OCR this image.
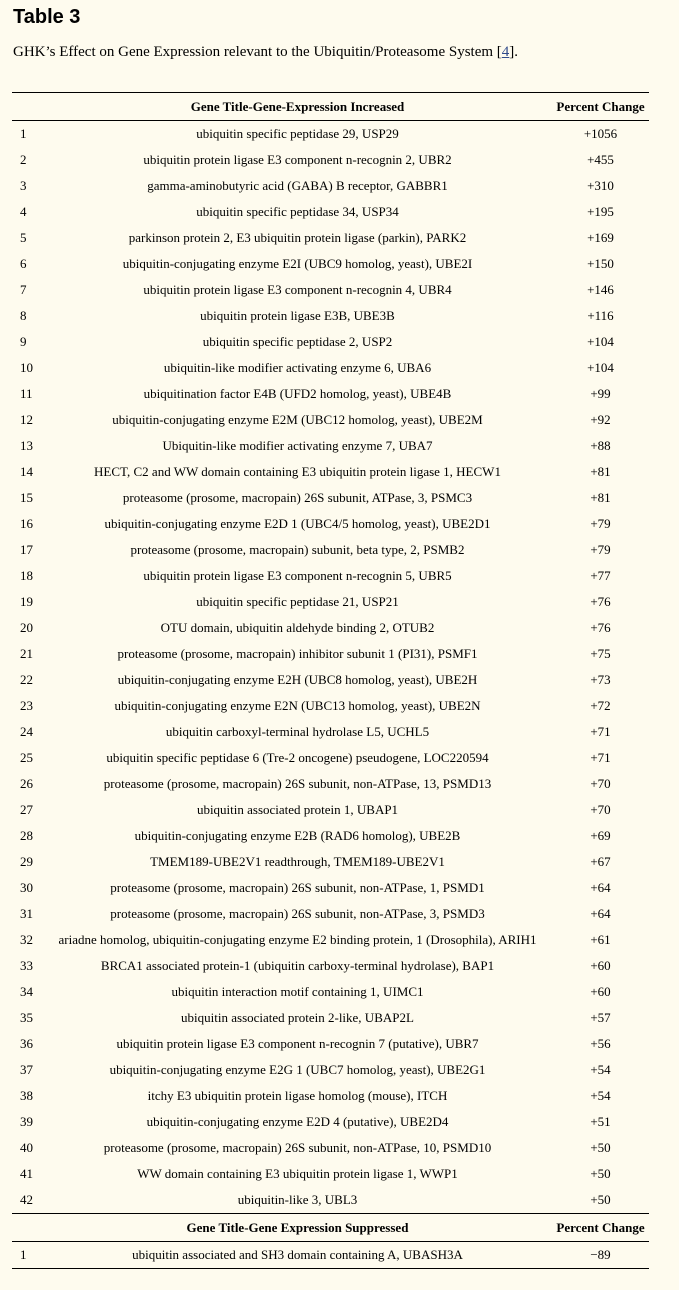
Table 3

GHK’s Effect on Gene Expression relevant to the Ubiquitin/Proteasome System [4].

	Gene Title-Gene-Expression Increased	Percent Change
1	ubiquitin specific peptidase 29, USP29	+1056
2	ubiquitin protein ligase E3 component n-recognin 2, UBR2	+455
3	gamma-aminobutyric acid (GABA) B receptor, GABBR1	+310
4	ubiquitin specific peptidase 34, USP34	+195
5	parkinson protein 2, E3 ubiquitin protein ligase (parkin), PARK2	+169
6	ubiquitin-conjugating enzyme E2I (UBC9 homolog, yeast), UBE2I	+150
7	ubiquitin protein ligase E3 component n-recognin 4, UBR4	+146
8	ubiquitin protein ligase E3B, UBE3B	+116
9	ubiquitin specific peptidase 2, USP2	+104
10	ubiquitin-like modifier activating enzyme 6, UBA6	+104
11	ubiquitination factor E4B (UFD2 homolog, yeast), UBE4B	+99
12	ubiquitin-conjugating enzyme E2M (UBC12 homolog, yeast), UBE2M	+92
13	Ubiquitin-like modifier activating enzyme 7, UBA7	+88
14	HECT, C2 and WW domain containing E3 ubiquitin protein ligase 1, HECW1	+81
15	proteasome (prosome, macropain) 26S subunit, ATPase, 3, PSMC3	+81
16	ubiquitin-conjugating enzyme E2D 1 (UBC4/5 homolog, yeast), UBE2D1	+79
17	proteasome (prosome, macropain) subunit, beta type, 2, PSMB2	+79
18	ubiquitin protein ligase E3 component n-recognin 5, UBR5	+77
19	ubiquitin specific peptidase 21, USP21	+76
20	OTU domain, ubiquitin aldehyde binding 2, OTUB2	+76
21	proteasome (prosome, macropain) inhibitor subunit 1 (PI31), PSMF1	+75
22	ubiquitin-conjugating enzyme E2H (UBC8 homolog, yeast), UBE2H	+73
23	ubiquitin-conjugating enzyme E2N (UBC13 homolog, yeast), UBE2N	+72
24	ubiquitin carboxyl-terminal hydrolase L5, UCHL5	+71
25	ubiquitin specific peptidase 6 (Tre-2 oncogene) pseudogene, LOC220594	+71
26	proteasome (prosome, macropain) 26S subunit, non-ATPase, 13, PSMD13	+70
27	ubiquitin associated protein 1, UBAP1	+70
28	ubiquitin-conjugating enzyme E2B (RAD6 homolog), UBE2B	+69
29	TMEM189-UBE2V1 readthrough, TMEM189-UBE2V1	+67
30	proteasome (prosome, macropain) 26S subunit, non-ATPase, 1, PSMD1	+64
31	proteasome (prosome, macropain) 26S subunit, non-ATPase, 3, PSMD3	+64
32	ariadne homolog, ubiquitin-conjugating enzyme E2 binding protein, 1 (Drosophila), ARIH1	+61
33	BRCA1 associated protein-1 (ubiquitin carboxy-terminal hydrolase), BAP1	+60
34	ubiquitin interaction motif containing 1, UIMC1	+60
35	ubiquitin associated protein 2-like, UBAP2L	+57
36	ubiquitin protein ligase E3 component n-recognin 7 (putative), UBR7	+56
37	ubiquitin-conjugating enzyme E2G 1 (UBC7 homolog, yeast), UBE2G1	+54
38	itchy E3 ubiquitin protein ligase homolog (mouse), ITCH	+54
39	ubiquitin-conjugating enzyme E2D 4 (putative), UBE2D4	+51
40	proteasome (prosome, macropain) 26S subunit, non-ATPase, 10, PSMD10	+50
41	WW domain containing E3 ubiquitin protein ligase 1, WWP1	+50
42	ubiquitin-like 3, UBL3	+50
	Gene Title-Gene Expression Suppressed	Percent Change
1	ubiquitin associated and SH3 domain containing A, UBASH3A	−89
